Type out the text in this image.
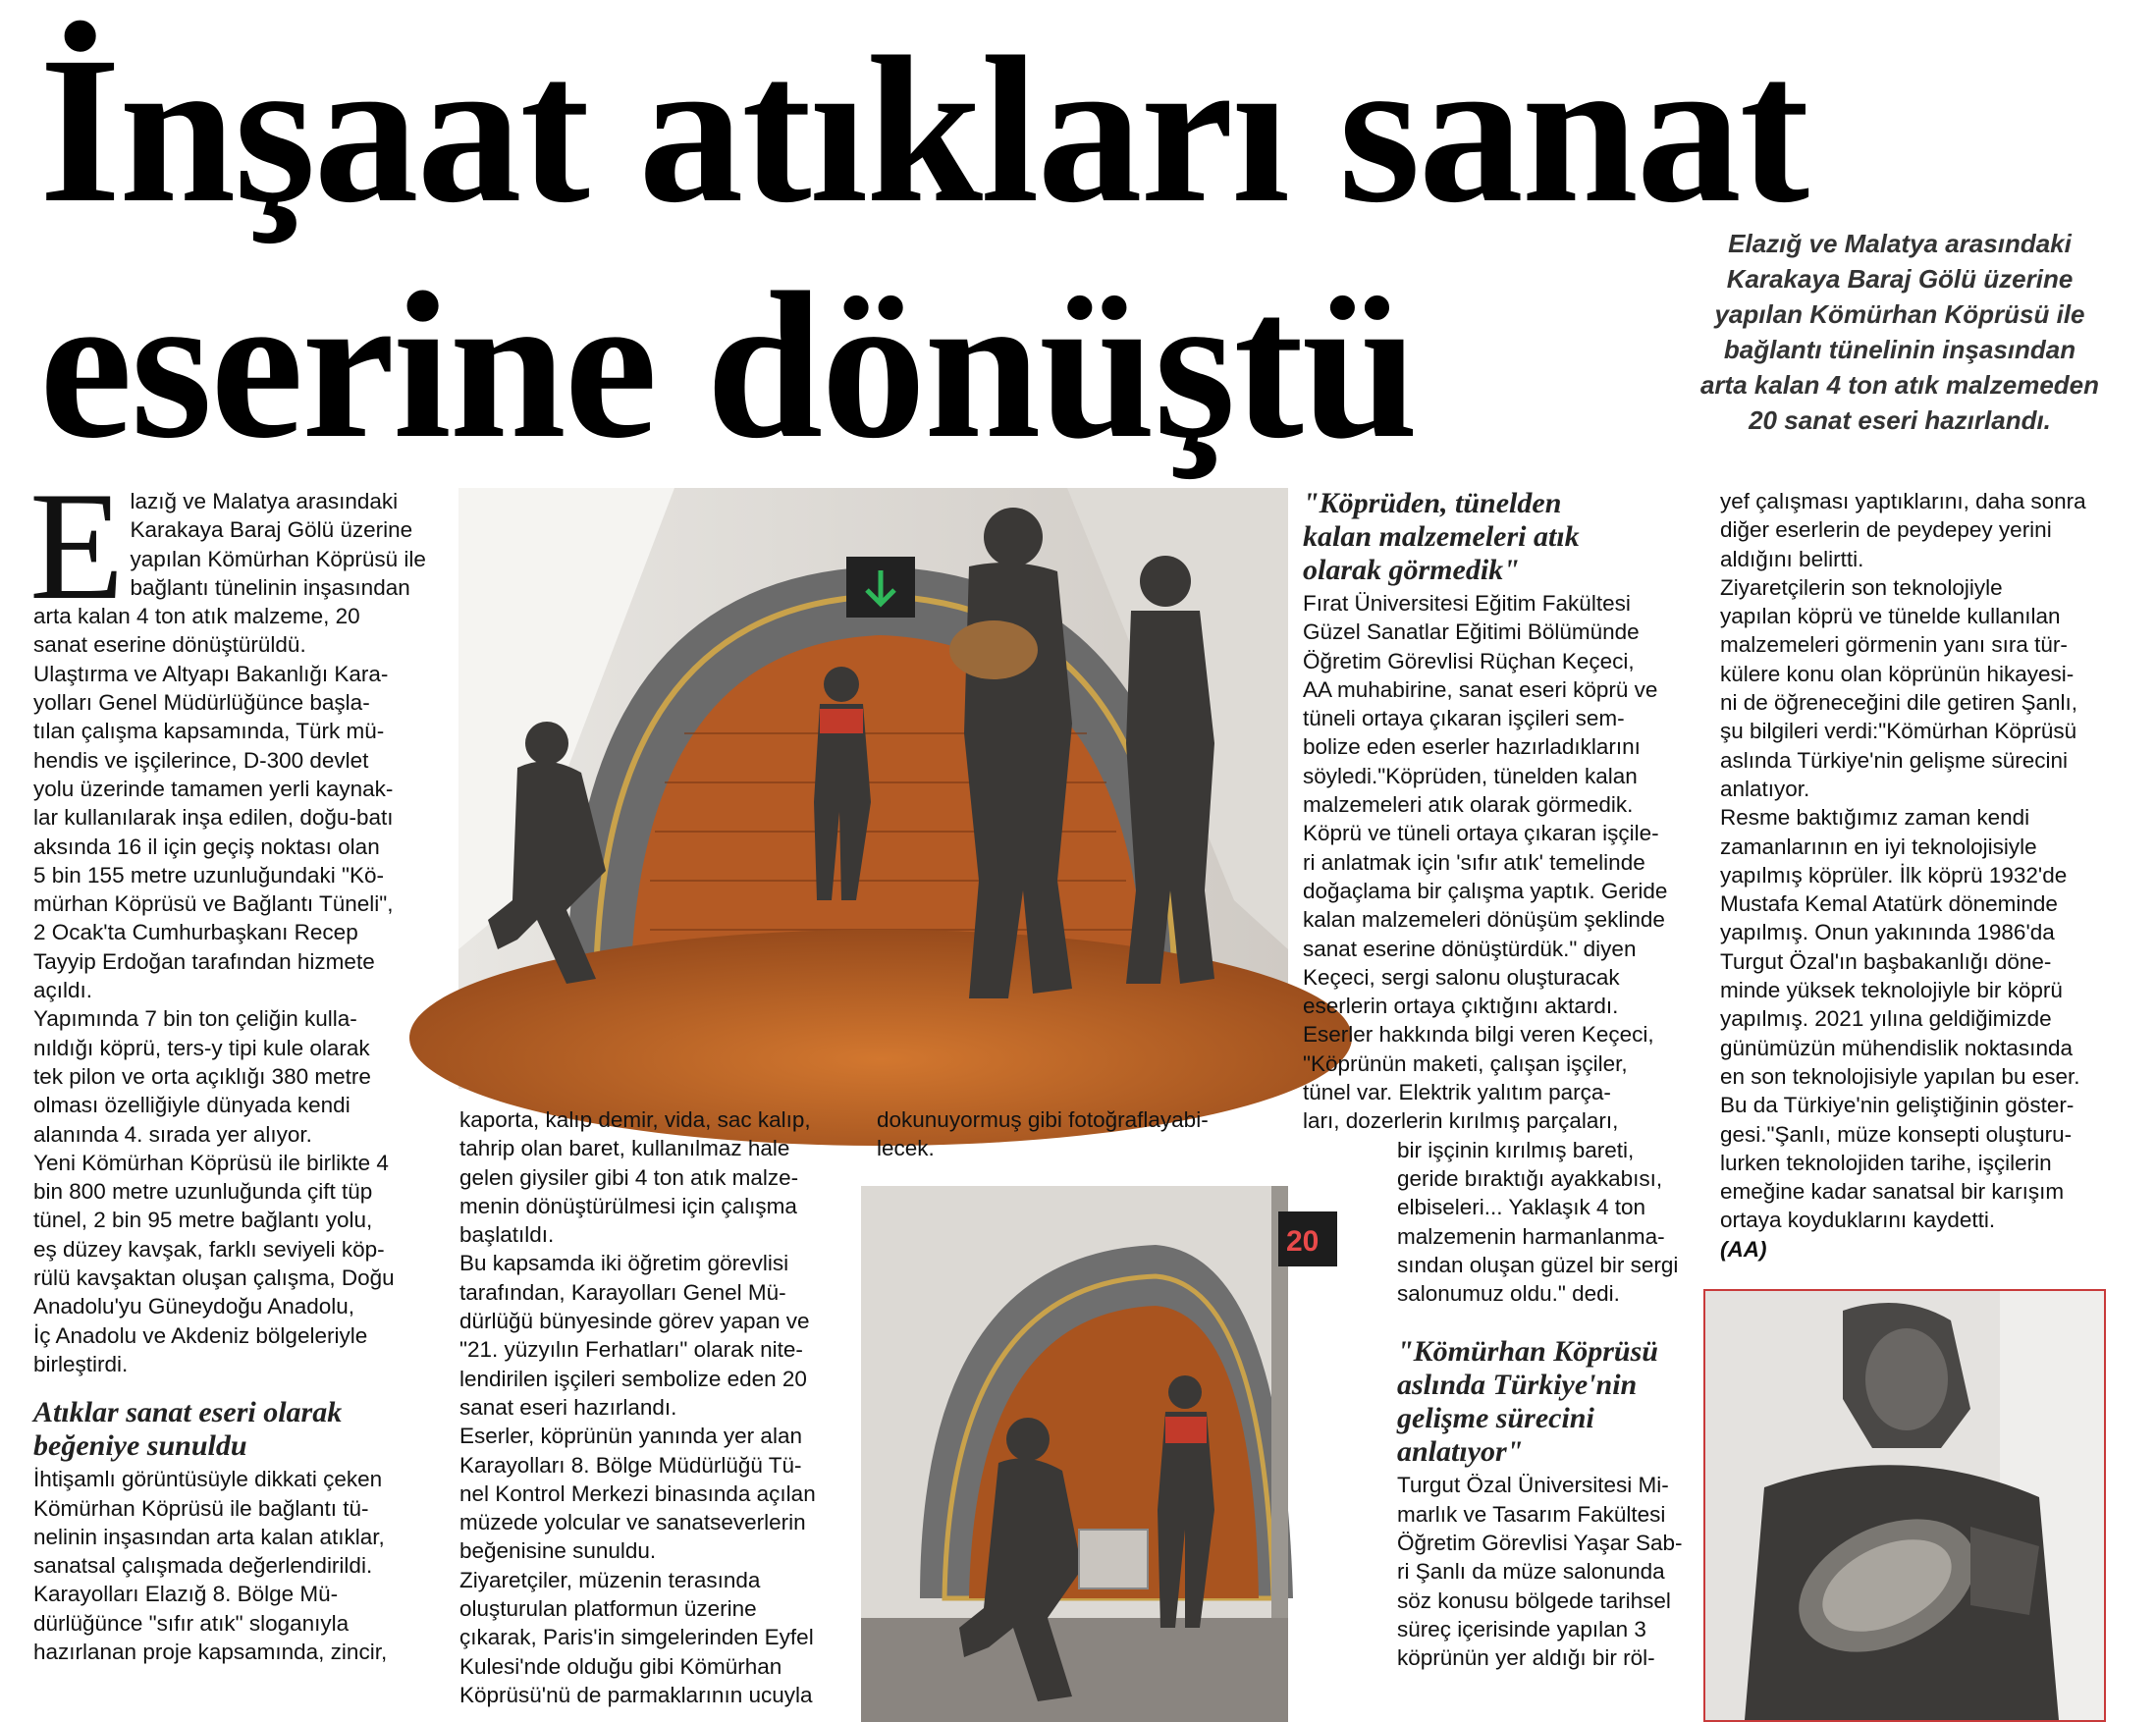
İnşaat atıkları sanat
eserine dönüştü
Elazığ ve Malatya arasındaki
Karakaya Baraj Gölü üzerine
yapılan Kömürhan Köprüsü ile
bağlantı tünelinin inşasından
arta kalan 4 ton atık malzemeden
20 sanat eseri hazırlandı.
E lazığ ve Malatya arasındaki
Karakaya Baraj Gölü üzerine
yapılan Kömürhan Köprüsü ile
bağlantı tünelinin inşasından
arta kalan 4 ton atık malzeme, 20
sanat eserine dönüştürüldü.
Ulaştırma ve Altyapı Bakanlığı Kara-
yolları Genel Müdürlüğünce başla-
tılan çalışma kapsamında, Türk mü-
hendis ve işçilerince, D-300 devlet
yolu üzerinde tamamen yerli kaynak-
lar kullanılarak inşa edilen, doğu-batı
aksında 16 il için geçiş noktası olan
5 bin 155 metre uzunluğundaki "Kö-
mürhan Köprüsü ve Bağlantı Tüneli",
2 Ocak'ta Cumhurbaşkanı Recep
Tayyip Erdoğan tarafından hizmete
açıldı.
Yapımında 7 bin ton çeliğin kulla-
nıldığı köprü, ters-y tipi kule olarak
tek pilon ve orta açıklığı 380 metre
olması özelliğiyle dünyada kendi
alanında 4. sırada yer alıyor.
Yeni Kömürhan Köprüsü ile birlikte 4
bin 800 metre uzunluğunda çift tüp
tünel, 2 bin 95 metre bağlantı yolu,
eş düzey kavşak, farklı seviyeli köp-
rülü kavşaktan oluşan çalışma, Doğu
Anadolu'yu Güneydoğu Anadolu,
İç Anadolu ve Akdeniz bölgeleriyle
birleştirdi.
Atıklar sanat eseri olarak
beğeniye sunuldu
İhtişamlı görüntüsüyle dikkati çeken
Kömürhan Köprüsü ile bağlantı tü-
nelinin inşasından arta kalan atıklar,
sanatsal çalışmada değerlendirildi.
Karayolları Elazığ 8. Bölge Mü-
dürlüğünce "sıfır atık" sloganıyla
hazırlanan proje kapsamında, zincir,
kaporta, kalıp demir, vida, sac kalıp,
tahrip olan baret, kullanılmaz hale
gelen giysiler gibi 4 ton atık malze-
menin dönüştürülmesi için çalışma
başlatıldı.
Bu kapsamda iki öğretim görevlisi
tarafından, Karayolları Genel Mü-
dürlüğü bünyesinde görev yapan ve
"21. yüzyılın Ferhatları" olarak nite-
lendirilen işçileri sembolize eden 20
sanat eseri hazırlandı.
Eserler, köprünün yanında yer alan
Karayolları 8. Bölge Müdürlüğü Tü-
nel Kontrol Merkezi binasında açılan
müzede yolcular ve sanatseverlerin
beğenisine sunuldu.
Ziyaretçiler, müzenin terasında
oluşturulan platformun üzerine
çıkarak, Paris'in simgelerinden Eyfel
Kulesi'nde olduğu gibi Kömürhan
Köprüsü'nü de parmaklarının ucuyla
dokunuyormuş gibi fotoğraflayabi-
lecek.
20
"Köprüden, tünelden
kalan malzemeleri atık
olarak görmedik"
Fırat Üniversitesi Eğitim Fakültesi
Güzel Sanatlar Eğitimi Bölümünde
Öğretim Görevlisi Rüçhan Keçeci,
AA muhabirine, sanat eseri köprü ve
tüneli ortaya çıkaran işçileri sem-
bolize eden eserler hazırladıklarını
söyledi."Köprüden, tünelden kalan
malzemeleri atık olarak görmedik.
Köprü ve tüneli ortaya çıkaran işçile-
ri anlatmak için 'sıfır atık' temelinde
doğaçlama bir çalışma yaptık. Geride
kalan malzemeleri dönüşüm şeklinde
sanat eserine dönüştürdük." diyen
Keçeci, sergi salonu oluşturacak
eserlerin ortaya çıktığını aktardı.
Eserler hakkında bilgi veren Keçeci,
"Köprünün maketi, çalışan işçiler,
tünel var. Elektrik yalıtım parça-
ları, dozerlerin kırılmış parçaları,
bir işçinin kırılmış bareti,
geride bıraktığı ayakkabısı,
elbiseleri... Yaklaşık 4 ton
malzemenin harmanlanma-
sından oluşan güzel bir sergi
salonumuz oldu." dedi.
"Kömürhan Köprüsü
aslında Türkiye'nin
gelişme sürecini
anlatıyor"
Turgut Özal Üniversitesi Mi-
marlık ve Tasarım Fakültesi
Öğretim Görevlisi Yaşar Sab-
ri Şanlı da müze salonunda
söz konusu bölgede tarihsel
süreç içerisinde yapılan 3
köprünün yer aldığı bir röl-
yef çalışması yaptıklarını, daha sonra
diğer eserlerin de peydepey yerini
aldığını belirtti.
Ziyaretçilerin son teknolojiyle
yapılan köprü ve tünelde kullanılan
malzemeleri görmenin yanı sıra tür-
külere konu olan köprünün hikayesi-
ni de öğreneceğini dile getiren Şanlı,
şu bilgileri verdi:"Kömürhan Köprüsü
aslında Türkiye'nin gelişme sürecini
anlatıyor.
Resme baktığımız zaman kendi
zamanlarının en iyi teknolojisiyle
yapılmış köprüler. İlk köprü 1932'de
Mustafa Kemal Atatürk döneminde
yapılmış. Onun yakınında 1986'da
Turgut Özal'ın başbakanlığı döne-
minde yüksek teknolojiyle bir köprü
yapılmış. 2021 yılına geldiğimizde
günümüzün mühendislik noktasında
en son teknolojisiyle yapılan bu eser.
Bu da Türkiye'nin geliştiğinin göster-
gesi."Şanlı, müze konsepti oluşturu-
lurken teknolojiden tarihe, işçilerin
emeğine kadar sanatsal bir karışım
ortaya koyduklarını kaydetti.
(AA)
